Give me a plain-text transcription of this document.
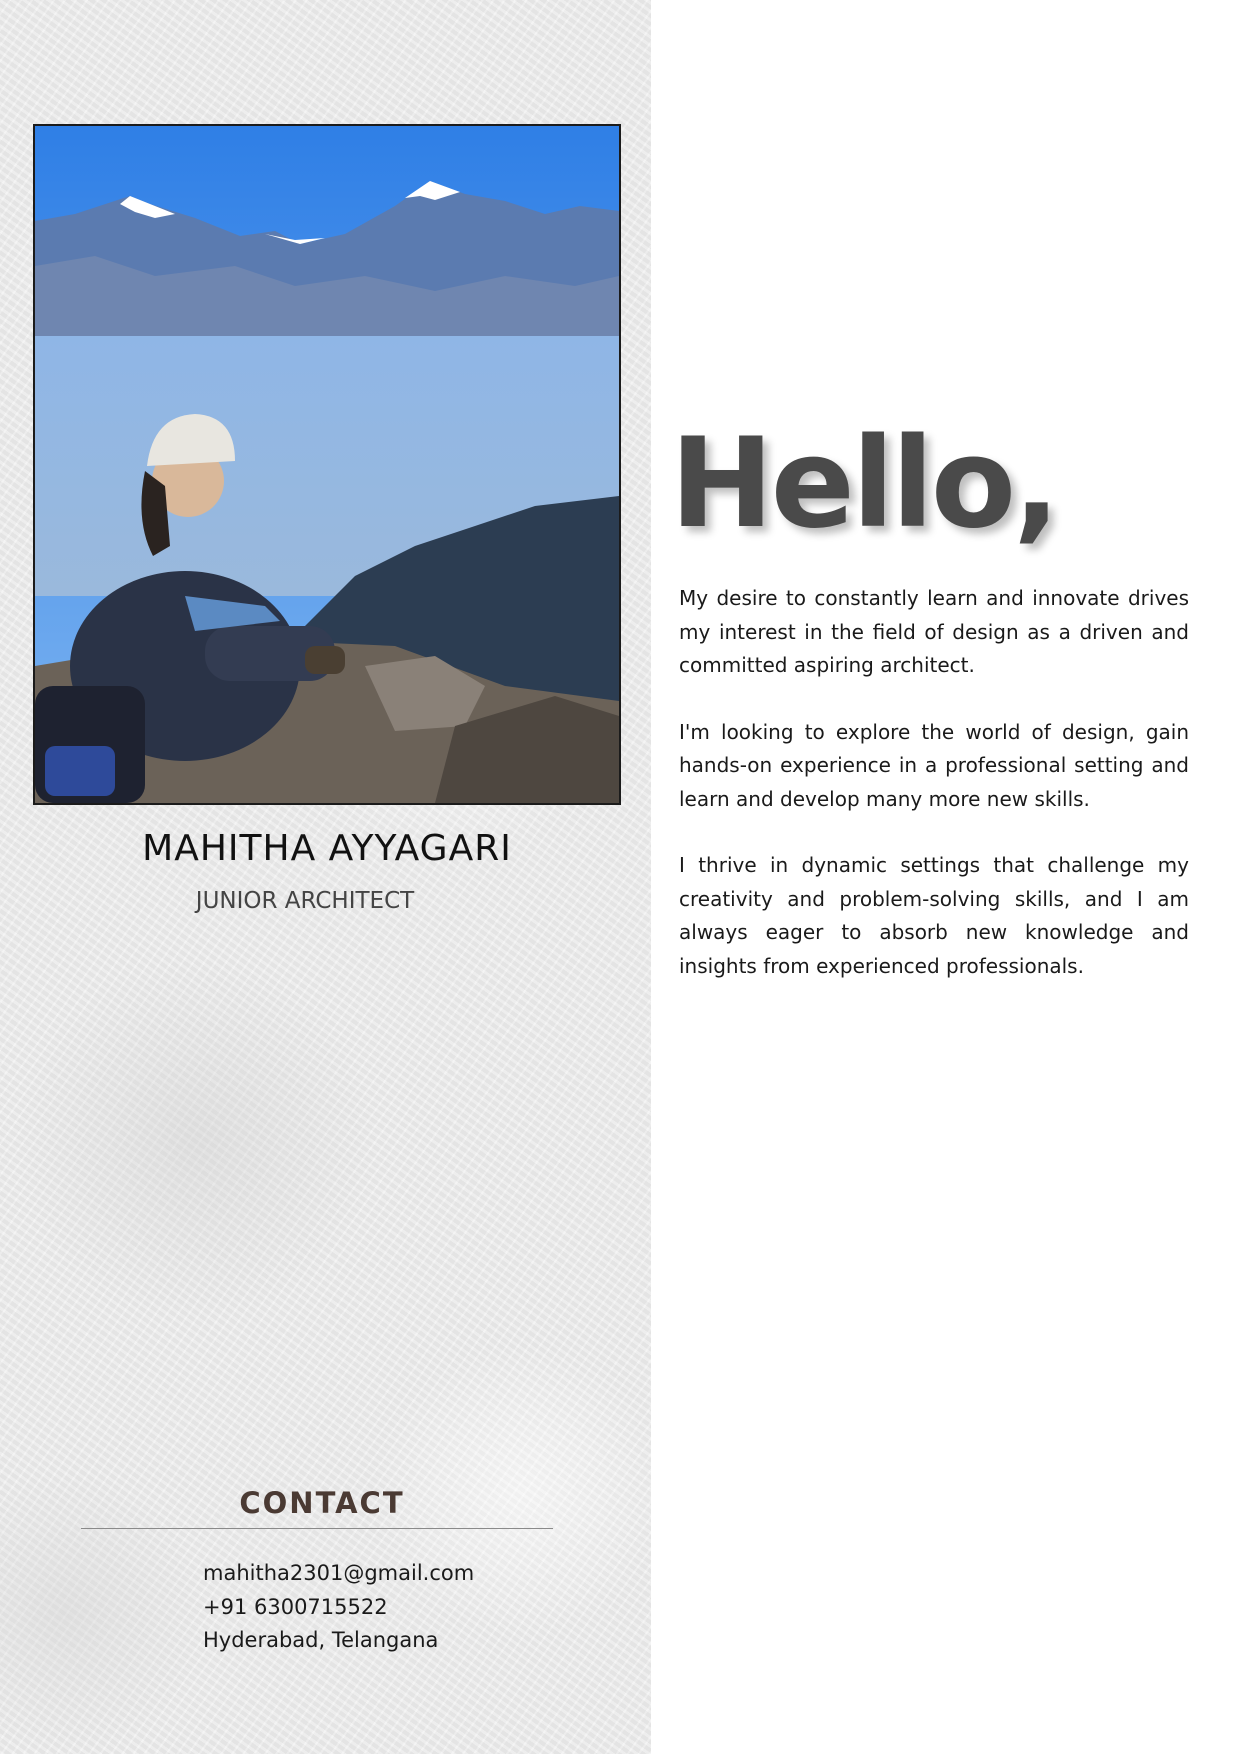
MAHITHA AYYAGARI
JUNIOR ARCHITECT
CONTACT
mahitha2301@gmail.com
+91 6300715522
Hyderabad, Telangana
Hello,

My desire to constantly learn and innovate drives my interest in the field of design as a driven and committed aspiring architect.

I'm looking to explore the world of design, gain hands-on experience in a professional setting and learn and develop many more new skills.

I thrive in dynamic settings that challenge my creativity and problem-solving skills, and I am always eager to absorb new knowledge and insights from experienced professionals.
